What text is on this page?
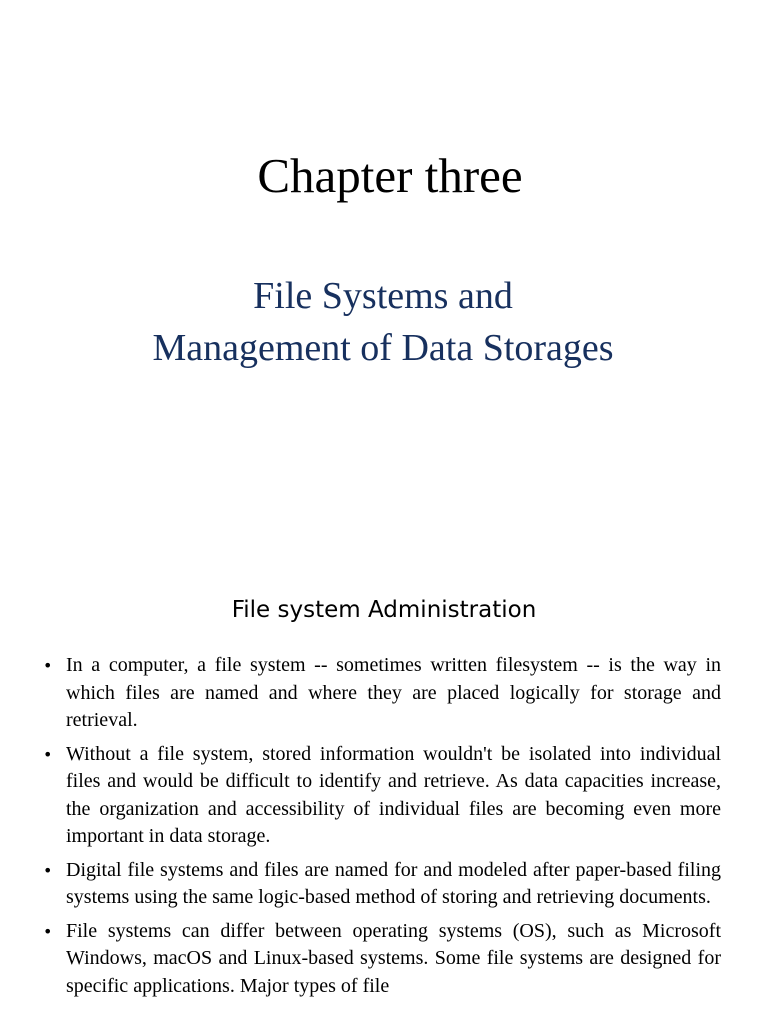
Chapter three
File Systems and
Management of Data Storages
File system Administration
• In a computer, a file system -- sometimes written filesystem -- is the way in which files are named and where they are placed logically for storage and retrieval.
• Without a file system, stored information wouldn't be isolated into individual files and would be difficult to identify and retrieve. As data capacities increase, the organization and accessibility of individual files are becoming even more important in data storage.
• Digital file systems and files are named for and modeled after paper-based filing systems using the same logic-based method of storing and retrieving documents.
• File systems can differ between operating systems (OS), such as Microsoft Windows, macOS and Linux-based systems. Some file systems are designed for specific applications. Major types of file
